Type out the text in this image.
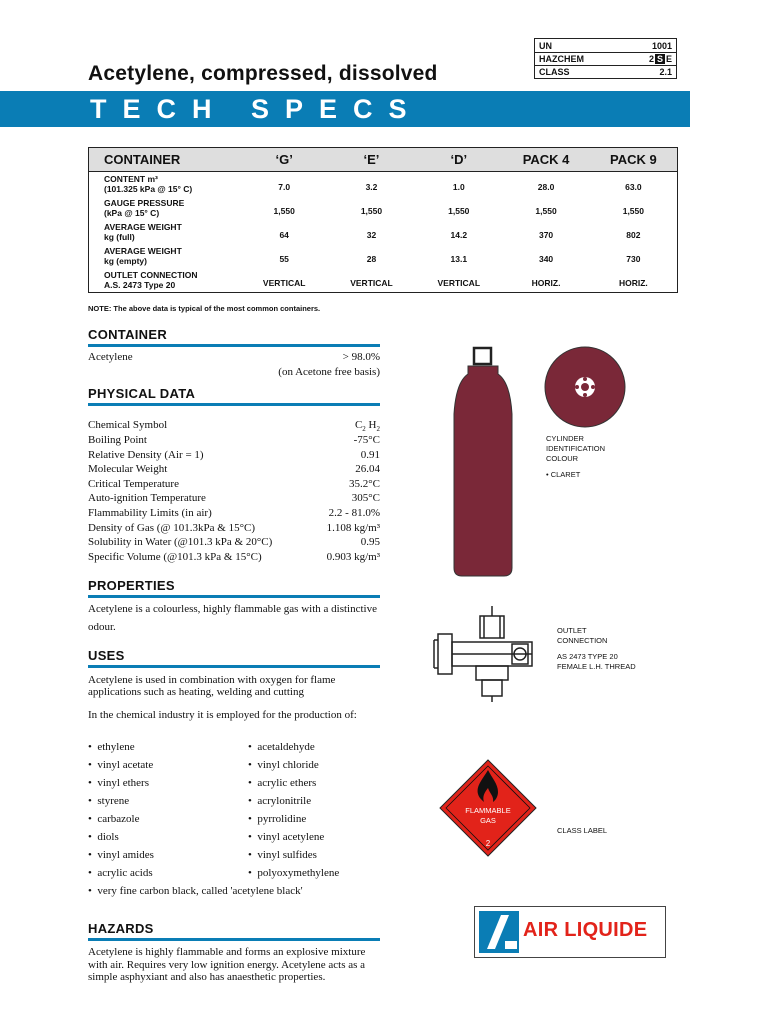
UN	1001
HAZCHEM	2 S E
CLASS	2.1
Acetylene, compressed, dissolved
TECH SPECS
CONTAINER	‘G’	‘E’	‘D’	PACK 4	PACK 9
CONTENT m³
(101.325 kPa @ 15° C)	7.0	3.2	1.0	28.0	63.0
GAUGE PRESSURE
(kPa @ 15° C)	1,550	1,550	1,550	1,550	1,550
AVERAGE WEIGHT
kg (full)	64	32	14.2	370	802
AVERAGE WEIGHT
kg (empty)	55	28	13.1	340	730
OUTLET CONNECTION
A.S. 2473 Type 20	VERTICAL	VERTICAL	VERTICAL	HORIZ.	HORIZ.
NOTE: The above data is typical of the most common containers.
CONTAINER
Acetylene	> 98.0%
(on Acetone free basis)
PHYSICAL DATA
Chemical Symbol	$C_2$ $H_2$
Boiling Point	-75°C
Relative Density (Air = 1)	0.91
Molecular Weight	26.04
Critical Temperature	35.2°C
Auto-ignition Temperature	305°C
Flammability Limits (in air)	2.2 - 81.0%
Density of Gas (@ 101.3kPa & 15°C)	1.108 kg/m³
Solubility in Water (@101.3 kPa & 20°C)	0.95
Specific Volume (@101.3 kPa & 15°C)	0.903 kg/m³
PROPERTIES
Acetylene is a colourless, highly flammable gas with a distinctive odour.
USES
Acetylene is used in combination with oxygen for flame applications such as heating, welding and cutting
In the chemical industry it is employed for the production of:
•  ethylene
•  vinyl acetate
•  vinyl ethers
•  styrene
•  carbazole
•  diols
•  vinyl amides
•  acrylic acids
•  acetaldehyde
•  vinyl chloride
•  acrylic ethers
•  acrylonitrile
•  pyrrolidine
•  vinyl acetylene
•  vinyl sulfides
•  polyoxymethylene
•  very fine carbon black, called 'acetylene black'
HAZARDS
Acetylene is highly flammable and forms an explosive mixture with air. Requires very low ignition energy. Acetylene acts as a simple asphyxiant and also has anaesthetic properties.
CYLINDER
IDENTIFICATION
COLOUR
• CLARET
OUTLET
CONNECTION
AS 2473 TYPE 20
FEMALE L.H. THREAD
FLAMMABLE
GAS
2
CLASS LABEL
AIR LIQUIDE
